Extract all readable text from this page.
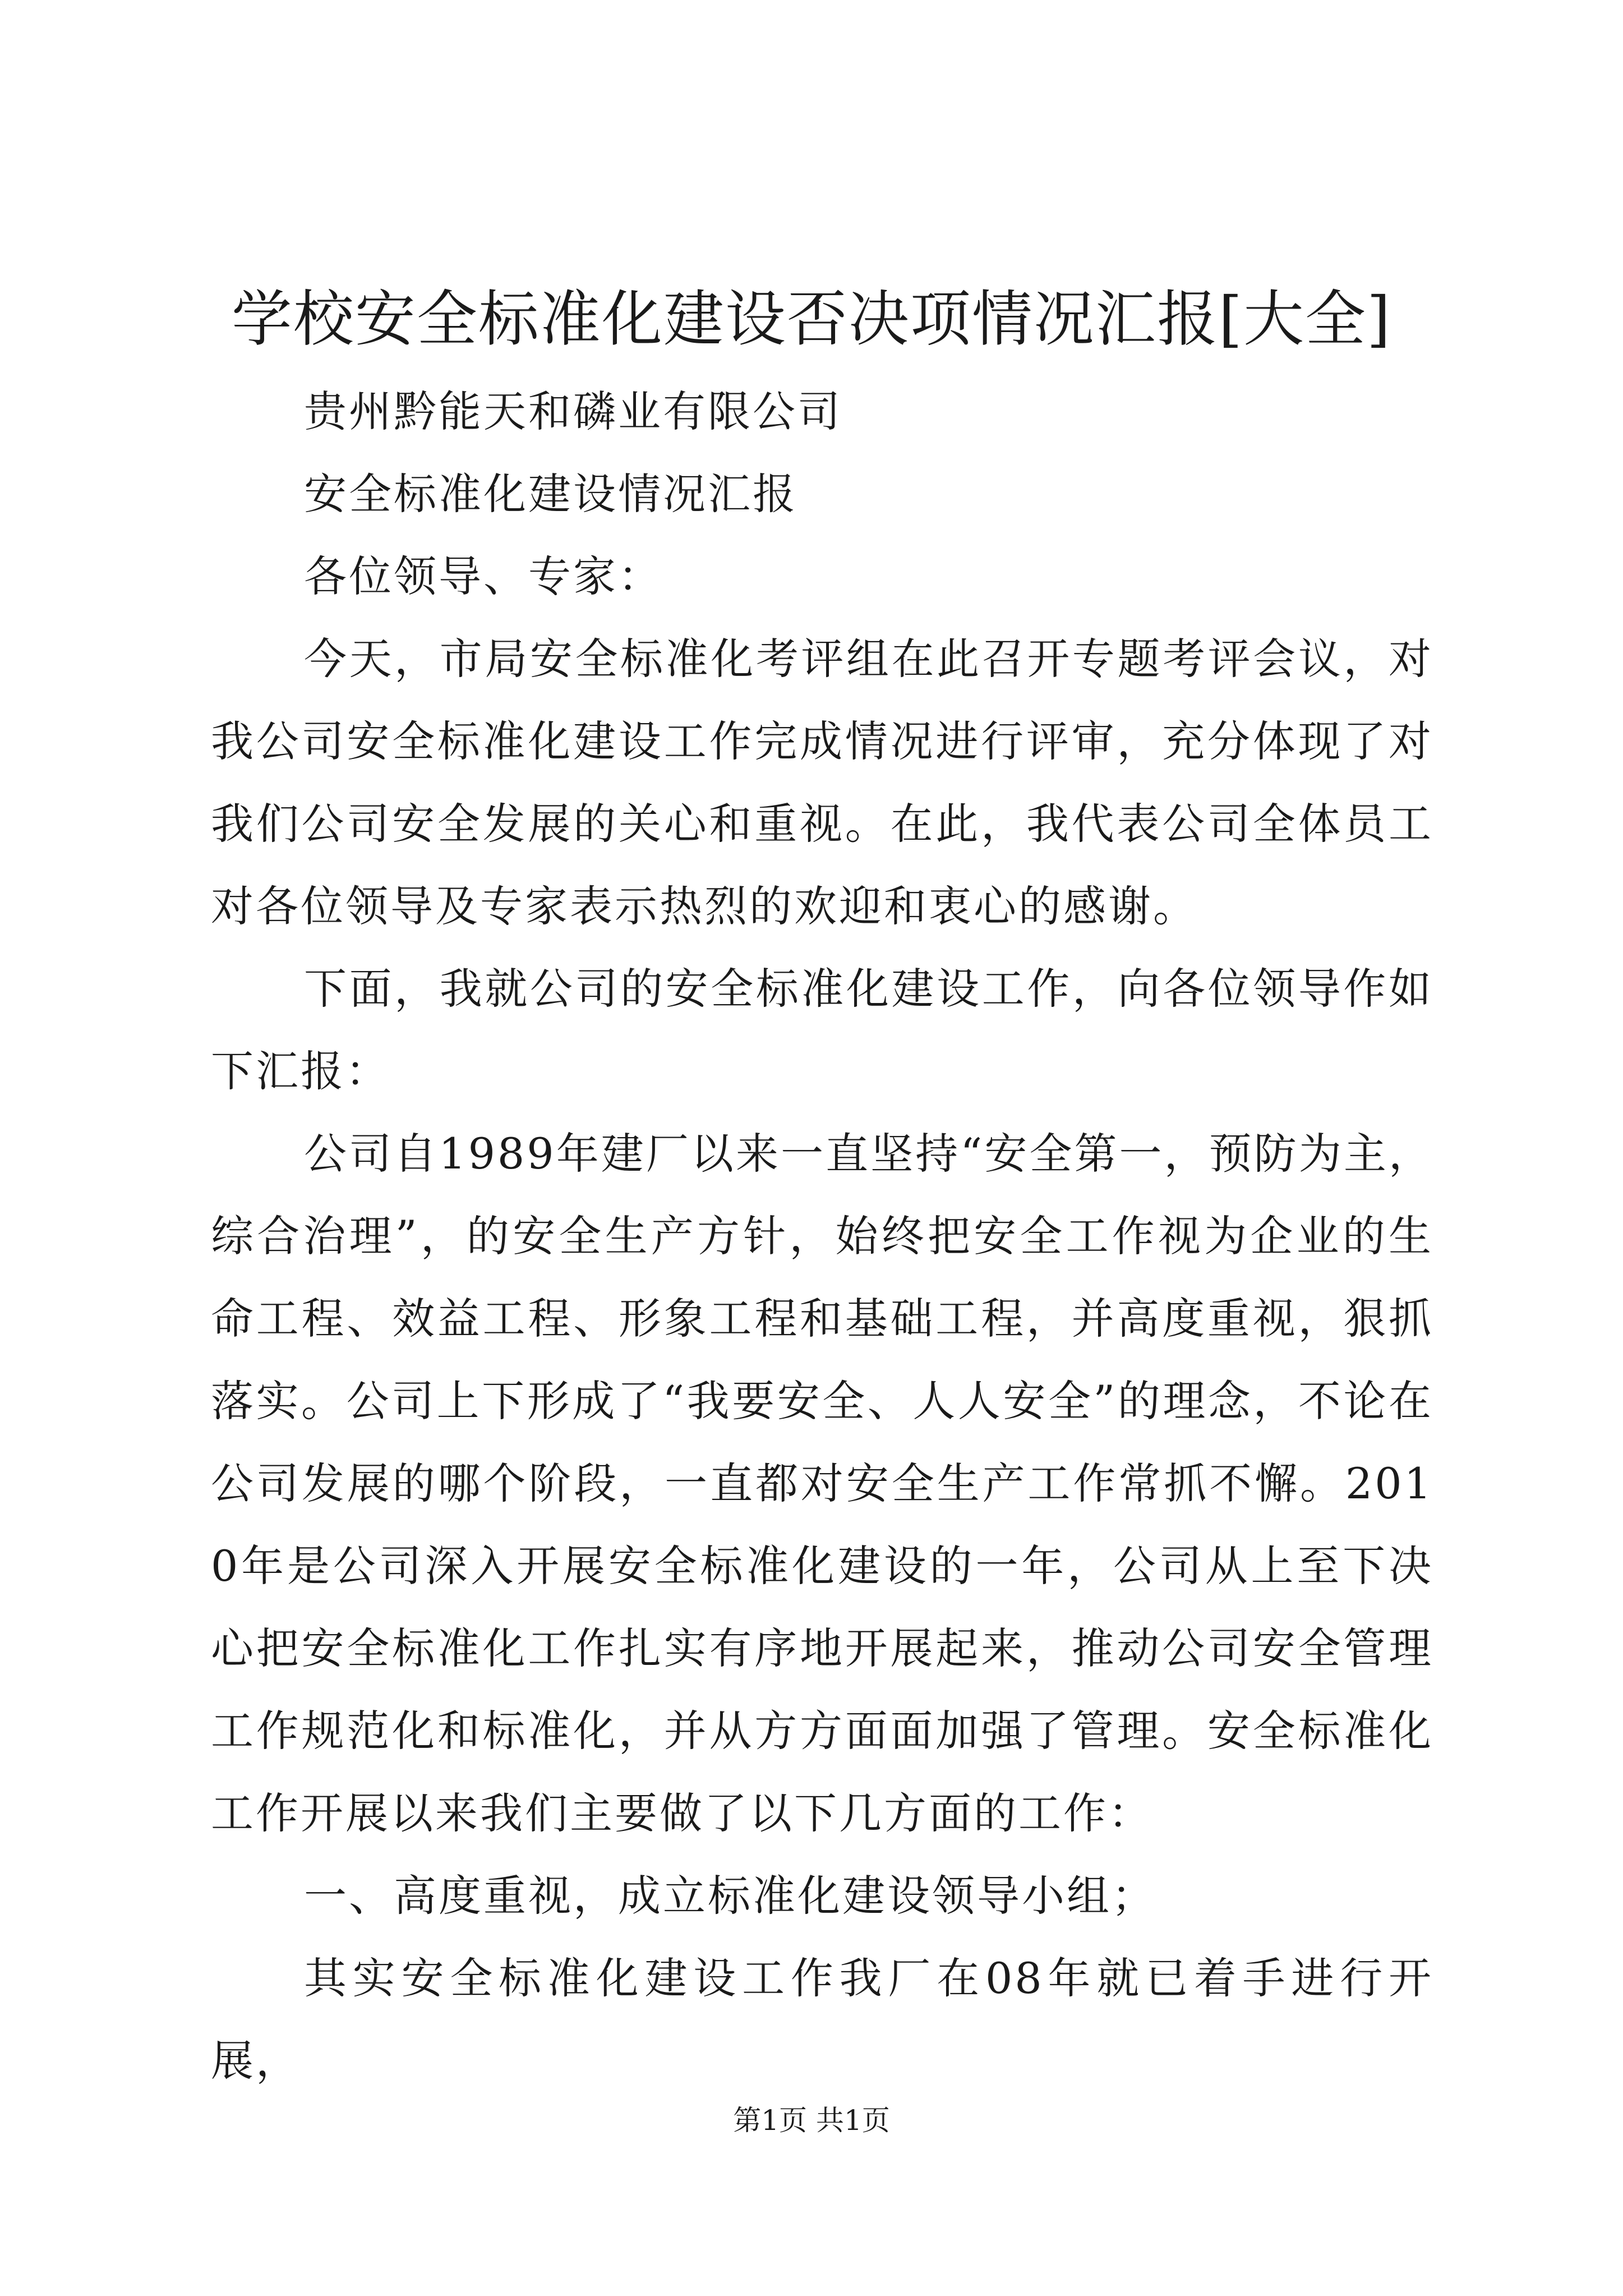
学校安全标准化建设否决项情况汇报[大全]

贵州黔能天和磷业有限公司

安全标准化建设情况汇报

各位领导、专家：

今天，市局安全标准化考评组在此召开专题考评会议，对我公司安全标准化建设工作完成情况进行评审，充分体现了对我们公司安全发展的关心和重视。在此，我代表公司全体员工对各位领导及专家表示热烈的欢迎和衷心的感谢。

下面，我就公司的安全标准化建设工作，向各位领导作如下汇报：

公司自1989年建厂以来一直坚持“安全第一，预防为主，综合治理”，的安全生产方针，始终把安全工作视为企业的生命工程、效益工程、形象工程和基础工程，并高度重视，狠抓落实。公司上下形成了“我要安全、人人安全”的理念，不论在公司发展的哪个阶段，一直都对安全生产工作常抓不懈。2010年是公司深入开展安全标准化建设的一年，公司从上至下决心把安全标准化工作扎实有序地开展起来，推动公司安全管理工作规范化和标准化，并从方方面面加强了管理。安全标准化工作开展以来我们主要做了以下几方面的工作：

一、高度重视，成立标准化建设领导小组；

其实安全标准化建设工作我厂在08年就已着手进行开展，

第1页 共1页
